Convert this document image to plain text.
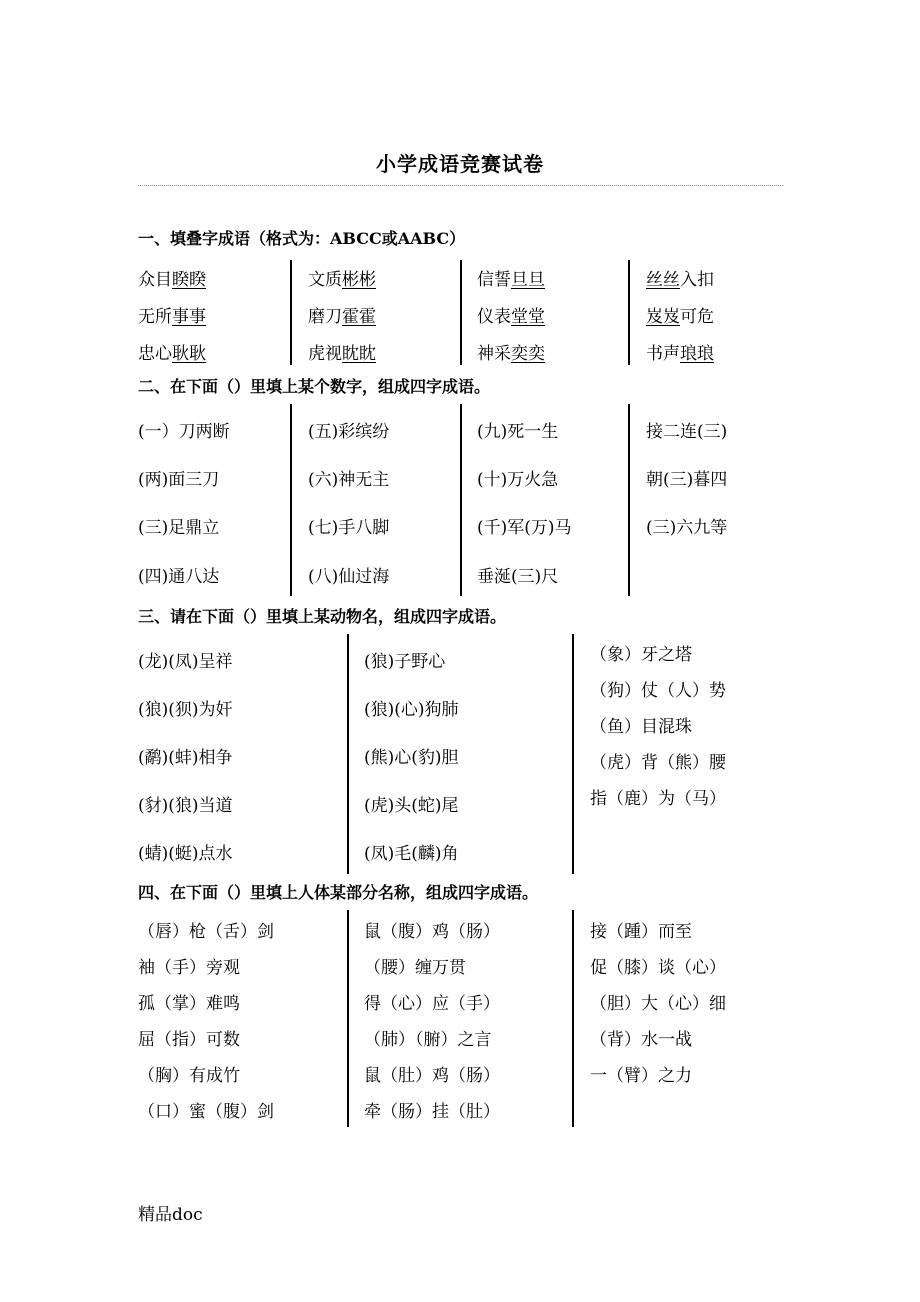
小学成语竞赛试卷
一、填叠字成语（格式为：ABCC或AABC）
众目睽睽
无所事事
忠心耿耿
文质彬彬
磨刀霍霍
虎视眈眈
信誓旦旦
仪表堂堂
神采奕奕
丝丝入扣
岌岌可危
书声琅琅
二、在下面（）里填上某个数字，组成四字成语。
(一）刀两断
(两)面三刀
(三)足鼎立
(四)通八达
(五)彩缤纷
(六)神无主
(七)手八脚
(八)仙过海
(九)死一生
(十)万火急
(千)军(万)马
垂涎(三)尺
接二连(三)
朝(三)暮四
(三)六九等
三、请在下面（）里填上某动物名，组成四字成语。
(龙)(凤)呈祥
(狼)(狈)为奸
(鹬)(蚌)相争
(豺)(狼)当道
(蜻)(蜓)点水
(狼)子野心
(狼)(心)狗肺
(熊)心(豹)胆
(虎)头(蛇)尾
(凤)毛(麟)角
（象）牙之塔
（狗）仗（人）势
（鱼）目混珠
（虎）背（熊）腰
指（鹿）为（马）
四、在下面（）里填上人体某部分名称，组成四字成语。
（唇）枪（舌）剑
袖（手）旁观
孤（掌）难鸣
屈（指）可数
（胸）有成竹
（口）蜜（腹）剑
鼠（腹）鸡（肠）
（腰）缠万贯
得（心）应（手）
（肺）（腑）之言
鼠（肚）鸡（肠）
牵（肠）挂（肚）
接（踵）而至
促（膝）谈（心）
（胆）大（心）细
（背）水一战
一（臂）之力
精品doc
